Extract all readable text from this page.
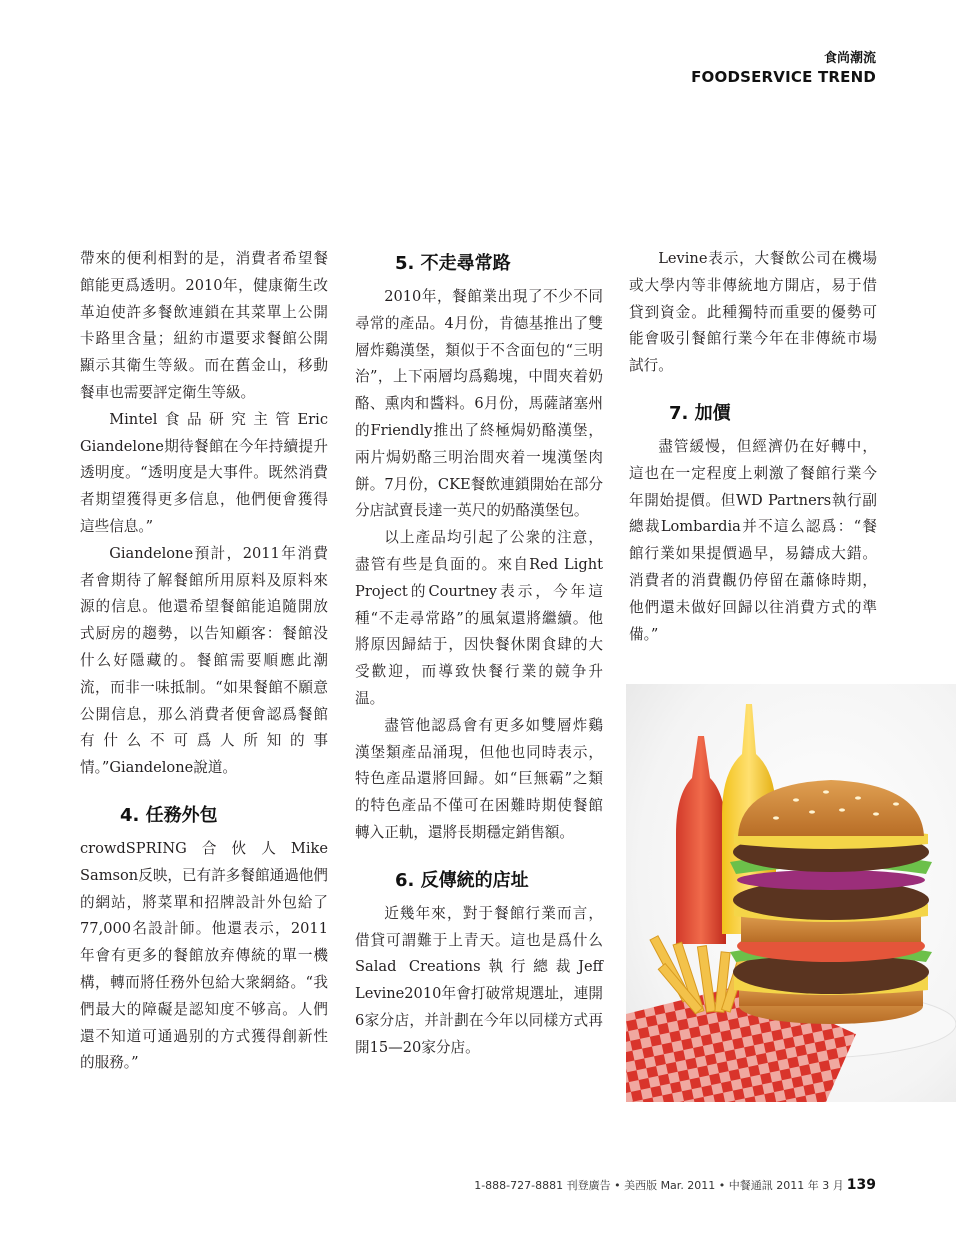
食尚潮流
FOODSERVICE TREND

帶來的便利相對的是，消費者希望餐館能更爲透明。2010年，健康衛生改革迫使許多餐飲連鎖在其菜單上公開卡路里含量；紐約市還要求餐館公開顯示其衛生等級。而在舊金山，移動餐車也需要評定衛生等級。

Mintel食品研究主管Eric Giandelone期待餐館在今年持續提升透明度。“透明度是大事件。既然消費者期望獲得更多信息，他們便會獲得這些信息。”

Giandelone預計，2011年消費者會期待了解餐館所用原料及原料來源的信息。他還希望餐館能追隨開放式厨房的趨勢，以告知顧客：餐館没什么好隱藏的。餐館需要順應此潮流，而非一味抵制。“如果餐館不願意公開信息，那么消費者便會認爲餐館有什么不可爲人所知的事情。”Giandelone說道。

4. 任務外包

crowdSPRING合伙人Mike Samson反映，已有許多餐館通過他們的網站，將菜單和招牌設計外包給了77,000名設計師。他還表示，2011年會有更多的餐館放弃傳統的單一機構，轉而將任務外包給大衆網絡。“我們最大的障礙是認知度不够高。人們還不知道可通過别的方式獲得創新性的服務。”

5. 不走尋常路

2010年，餐館業出現了不少不同尋常的產品。4月份，肯德基推出了雙層炸鷄漢堡，類似于不含面包的“三明治”，上下兩層均爲鷄塊，中間夾着奶酪、熏肉和醬料。6月份，馬薩諸塞州的Friendly推出了終極焗奶酪漢堡，兩片焗奶酪三明治間夾着一塊漢堡肉餅。7月份，CKE餐飲連鎖開始在部分分店試賣長達一英尺的奶酪漢堡包。

以上產品均引起了公衆的注意，盡管有些是負面的。來自Red Light Project的Courtney表示，今年這種“不走尋常路”的風氣還將繼續。他將原因歸結于，因快餐休閑食肆的大受歡迎，而導致快餐行業的競争升温。

盡管他認爲會有更多如雙層炸鷄漢堡類產品涌現，但他也同時表示，特色產品還將回歸。如“巨無霸”之類的特色產品不僅可在困難時期使餐館轉入正軌，還將長期穩定銷售額。

6. 反傳統的店址

近幾年來，對于餐館行業而言，借貸可謂難于上青天。這也是爲什么Salad Creations執行總裁Jeff Levine2010年會打破常規選址，連開6家分店，并計劃在今年以同樣方式再開15—20家分店。

Levine表示，大餐飲公司在機場或大學内等非傳統地方開店，易于借貸到資金。此種獨特而重要的優勢可能會吸引餐館行業今年在非傳統市場試行。

7. 加價

盡管緩慢，但經濟仍在好轉中，這也在一定程度上刺激了餐館行業今年開始提價。但WD Partners執行副總裁Lombardia并不這么認爲：“餐館行業如果提價過早，易鑄成大錯。消費者的消費觀仍停留在蕭條時期，他們還未做好回歸以往消費方式的準備。”

1-888-727-8881 刊登廣告 • 美西版 Mar. 2011 • 中餐通訊 2011 年 3 月 139
